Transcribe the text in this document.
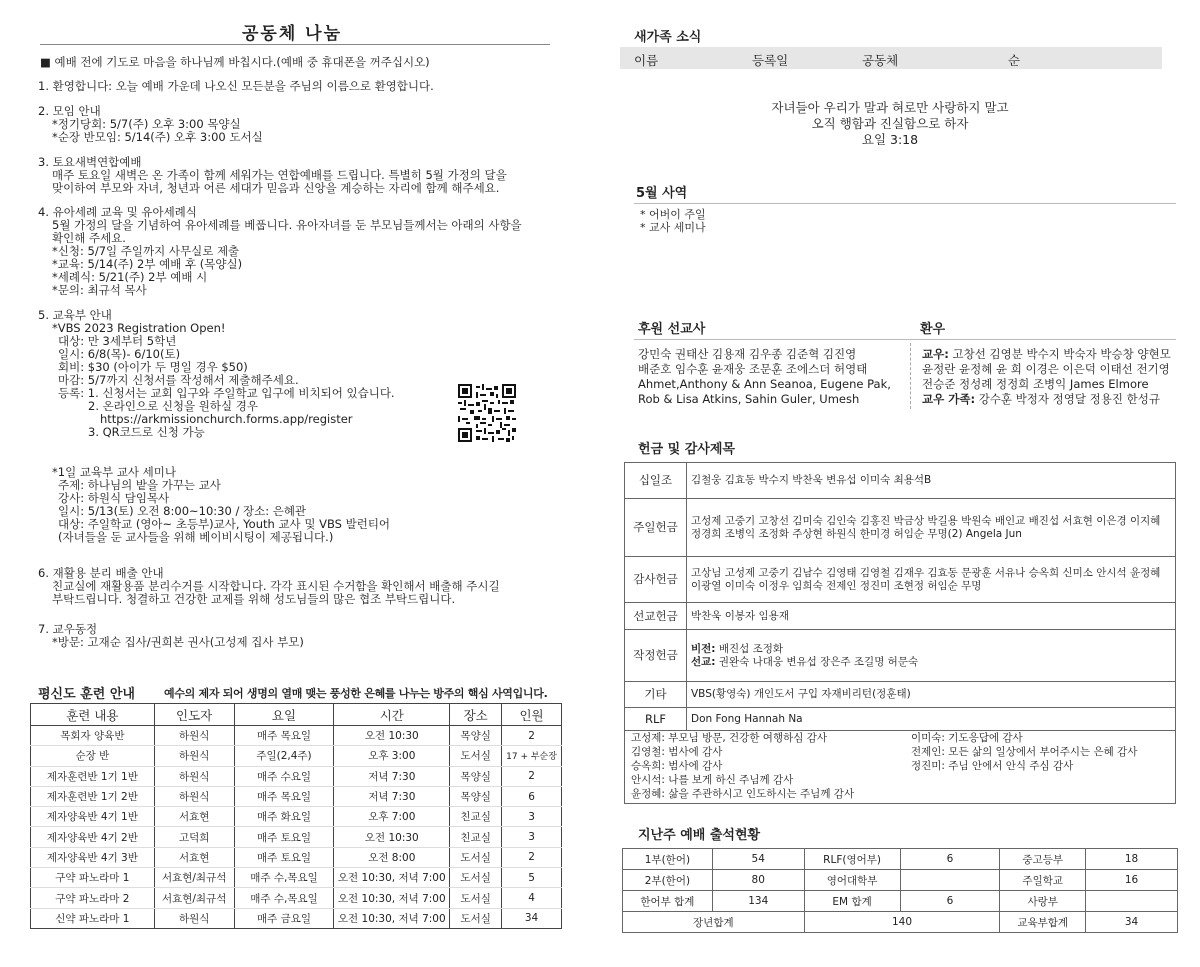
공동체 나눔
■ 예배 전에 기도로 마음을 하나님께 바칩시다.(예배 중 휴대폰을 꺼주십시오)
1. 환영합니다: 오늘 예배 가운데 나오신 모든분을 주님의 이름으로 환영합니다.
2. 모임 안내
*정기당회: 5/7(주) 오후 3:00 목양실
*순장 반모임: 5/14(주) 오후 3:00 도서실
3. 토요새벽연합예배
매주 토요일 새벽은 온 가족이 함께 세워가는 연합예배를 드립니다. 특별히 5월 가정의 달을
맞이하여 부모와 자녀, 청년과 어른 세대가 믿음과 신앙을 계승하는 자리에 함께 해주세요.
4. 유아세례 교육 및 유아세례식
5월 가정의 달을 기념하여 유아세례를 베풉니다. 유아자녀를 둔 부모님들께서는 아래의 사항을
확인해 주세요.
*신청: 5/7일 주일까지 사무실로 제출
*교육: 5/14(주) 2부 예배 후 (목양실)
*세례식: 5/21(주) 2부 예배 시
*문의: 최규석 목사
5. 교육부 안내
*VBS 2023 Registration Open!
대상: 만 3세부터 5학년
일시: 6/8(목)- 6/10(토)
회비: $30 (아이가 두 명일 경우 $50)
마감: 5/7까지 신청서를 작성해서 제출해주세요.
등록: 1. 신청서는 교회 입구와 주일학교 입구에 비치되어 있습니다.
2. 온라인으로 신청을 원하실 경우
https://arkmissionchurch.forms.app/register
3. QR코드로 신청 가능
*1일 교육부 교사 세미나
주제: 하나님의 밭을 가꾸는 교사
강사: 하원식 담임목사
일시: 5/13(토) 오전 8:00~10:30 / 장소: 은혜관
대상: 주일학교 (영아~ 초등부)교사, Youth 교사 및 VBS 발런티어
(자녀들을 둔 교사들을 위해 베이비시팅이 제공됩니다.)
6. 재활용 분리 배출 안내
친교실에 재활용품 분리수거를 시작합니다. 각각 표시된 수거함을 확인해서 배출해 주시길
부탁드립니다. 청결하고 건강한 교제를 위해 성도님들의 많은 협조 부탁드립니다.
7. 교우동정
*방문: 고재순 집사/권희본 권사(고성제 집사 부모)
평신도 훈련 안내	예수의 제자 되어 생명의 열매 맺는 풍성한 은혜를 나누는 방주의 핵심 사역입니다.
훈련 내용	인도자	요일	시간	장소	인원
목회자 양육반	하원식	매주 목요일	오전 10:30	목양실	2
순장 반	하원식	주일(2,4주)	오후 3:00	도서실	17 + 부순장
제자훈련반 1기 1반	하원식	매주 수요일	저녁 7:30	목양실	2
제자훈련반 1기 2반	하원식	매주 목요일	저녁 7:30	목양실	6
제자양육반 4기 1반	서효현	매주 화요일	오후 7:00	친교실	3
제자양육반 4기 2반	고덕희	매주 토요일	오전 10:30	친교실	3
제자양육반 4기 3반	서효현	매주 토요일	오전 8:00	도서실	2
구약 파노라마 1	서효현/최규석	매주 수,목요일	오전 10:30, 저녁 7:00	도서실	5
구약 파노라마 2	서효현/최규석	매주 수,목요일	오전 10:30, 저녁 7:00	도서실	4
신약 파노라마 1	하원식	매주 금요일	오전 10:30, 저녁 7:00	도서실	34
새가족 소식
이름	등록일	공동체	순
자녀들아 우리가 말과 혀로만 사랑하지 말고
오직 행함과 진실함으로 하자
요일 3:18
5월 사역
* 어버이 주일
* 교사 세미나
후원 선교사	환우
강민숙 권태산 김용재 김우종 김준혁 김진영
배준호 임수훈 윤재웅 조문훈 조에스더 허영태
Ahmet,Anthony & Ann Seanoa, Eugene Pak,
Rob & Lisa Atkins, Sahin Guler, Umesh
교우: 고창선 김영분 박수지 박숙자 박승창 양현모
윤정란 윤정혜 윤 희 이경은 이은덕 이태선 전기영
전승준 정성례 정정희 조병익 James Elmore
교우 가족: 강수훈 박정자 정영달 정용진 한성규
헌금 및 감사제목
십일조	김철웅 김효동 박수지 박찬욱 변유섭 이미숙 최용석B

주일헌금	고성제 고중기 고창선 김미숙 김인숙 김홍진 박금상 박길용 박원숙 배인교 배진섭 서효현 이은경 이지혜
정경희 조병익 조정화 주상현 하원식 한미경 허임순 무명(2) Angela Jun

감사헌금	고상님 고성제 고중기 김남수 김영태 김영철 김재우 김효동 문광훈 서유나 승옥희 신미소 안시석 윤정혜
이광열 이미숙 이정우 임희숙 전제인 정진미 조현정 허임순 무명

선교헌금	박찬욱 이봉자 임용재

작정헌금	비전: 배진섭 조정화
선교: 권완숙 나대웅 변유섭 장은주 조길명 허문숙

기타	VBS(황영숙) 개인도서 구입 자재비리턴(정훈태)

RLF	Don Fong Hannah Na
고성제: 부모님 방문, 건강한 여행하심 감사
김영철: 범사에 감사
승옥희: 범사에 감사
안시석: 나를 보게 하신 주님께 감사
윤정혜: 삶을 주관하시고 인도하시는 주님께 감사
이미숙: 기도응답에 감사
전제인: 모든 삶의 일상에서 부어주시는 은혜 감사
정진미: 주님 안에서 안식 주심 감사
지난주 예배 출석현황
1부(한어)	54	RLF(영어부)	6	중고등부	18
2부(한어)	80	영어대학부		주일학교	16
한어부 합계	134	EM 합계	6	사랑부	
장년합계		140		교육부합계	34
